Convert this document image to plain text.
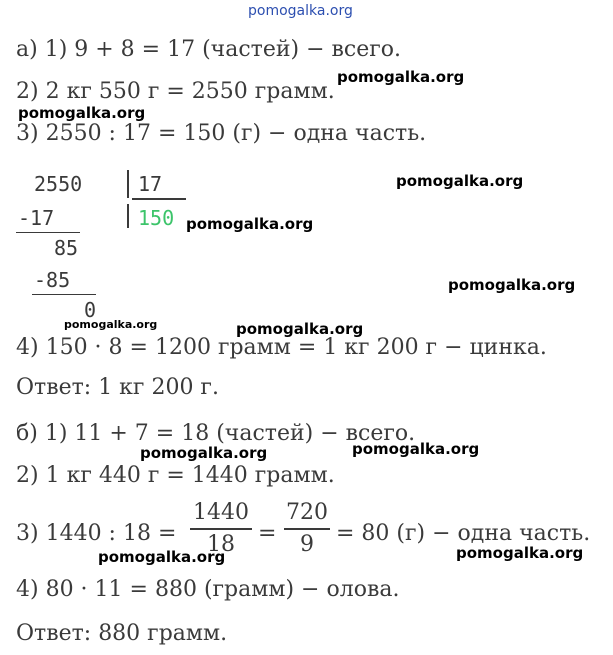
pomogalka.org
а) 1) 9 + 8 = 17 (частей) − всего.
pomogalka.org
2) 2 кг 550 г = 2550 грамм.
pomogalka.org
3) 2550 : 17 = 150 (г) − одна часть.
2550	17	pomogalka.org
-17	150 pomogalka.org
85
-85	pomogalka.org
0
pomogalka.org	pomogalka.org
4) 150 · 8 = 1200 грамм = 1 кг 200 г − цинка.
Ответ: 1 кг 200 г.
б) 1) 11 + 7 = 18 (частей) − всего.
pomogalka.org	pomogalka.org
2) 1 кг 440 г = 1440 грамм.
3) 1440 : 18 =
1440
18	=
720
9	= 80 (г) − одна часть.
pomogalka.org	pomogalka.org
4) 80 · 11 = 880 (грамм) − олова.
Ответ: 880 грамм.
